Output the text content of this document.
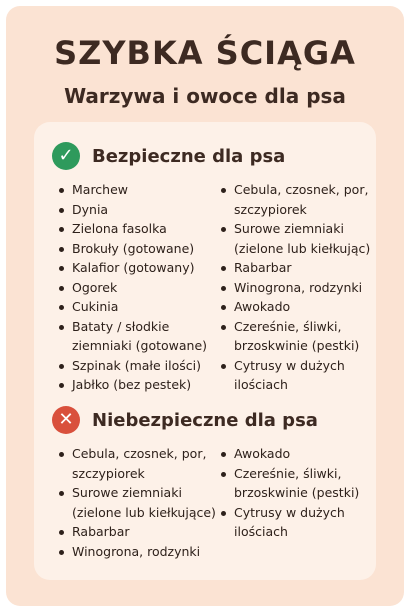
SZYBKA ŚCIĄGA
Warzywa i owoce dla psa
✓	Bezpieczne dla psa
Marchew
Dynia
Zielona fasolka
Brokuły (gotowane)
Kalafior (gotowany)
Ogorek
Cukinia
Bataty / słodkie ziemniaki (gotowane)
Szpinak (małe ilości)
Jabłko (bez pestek)
Cebula, czosnek, por, szczypiorek
Surowe ziemniaki (zielone lub kiełkując)
Rabarbar
Winogrona, rodzynki
Awokado
Czereśnie, śliwki, brzoskwinie (pestki)
Cytrusy w dużych ilościach
✕	Niebezpieczne dla psa
Cebula, czosnek, por, szczypiorek
Surowe ziemniaki (zielone lub kiełkujące)
Rabarbar
Winogrona, rodzynki
Awokado
Czereśnie, śliwki, brzoskwinie (pestki)
Cytrusy w dużych ilościach
